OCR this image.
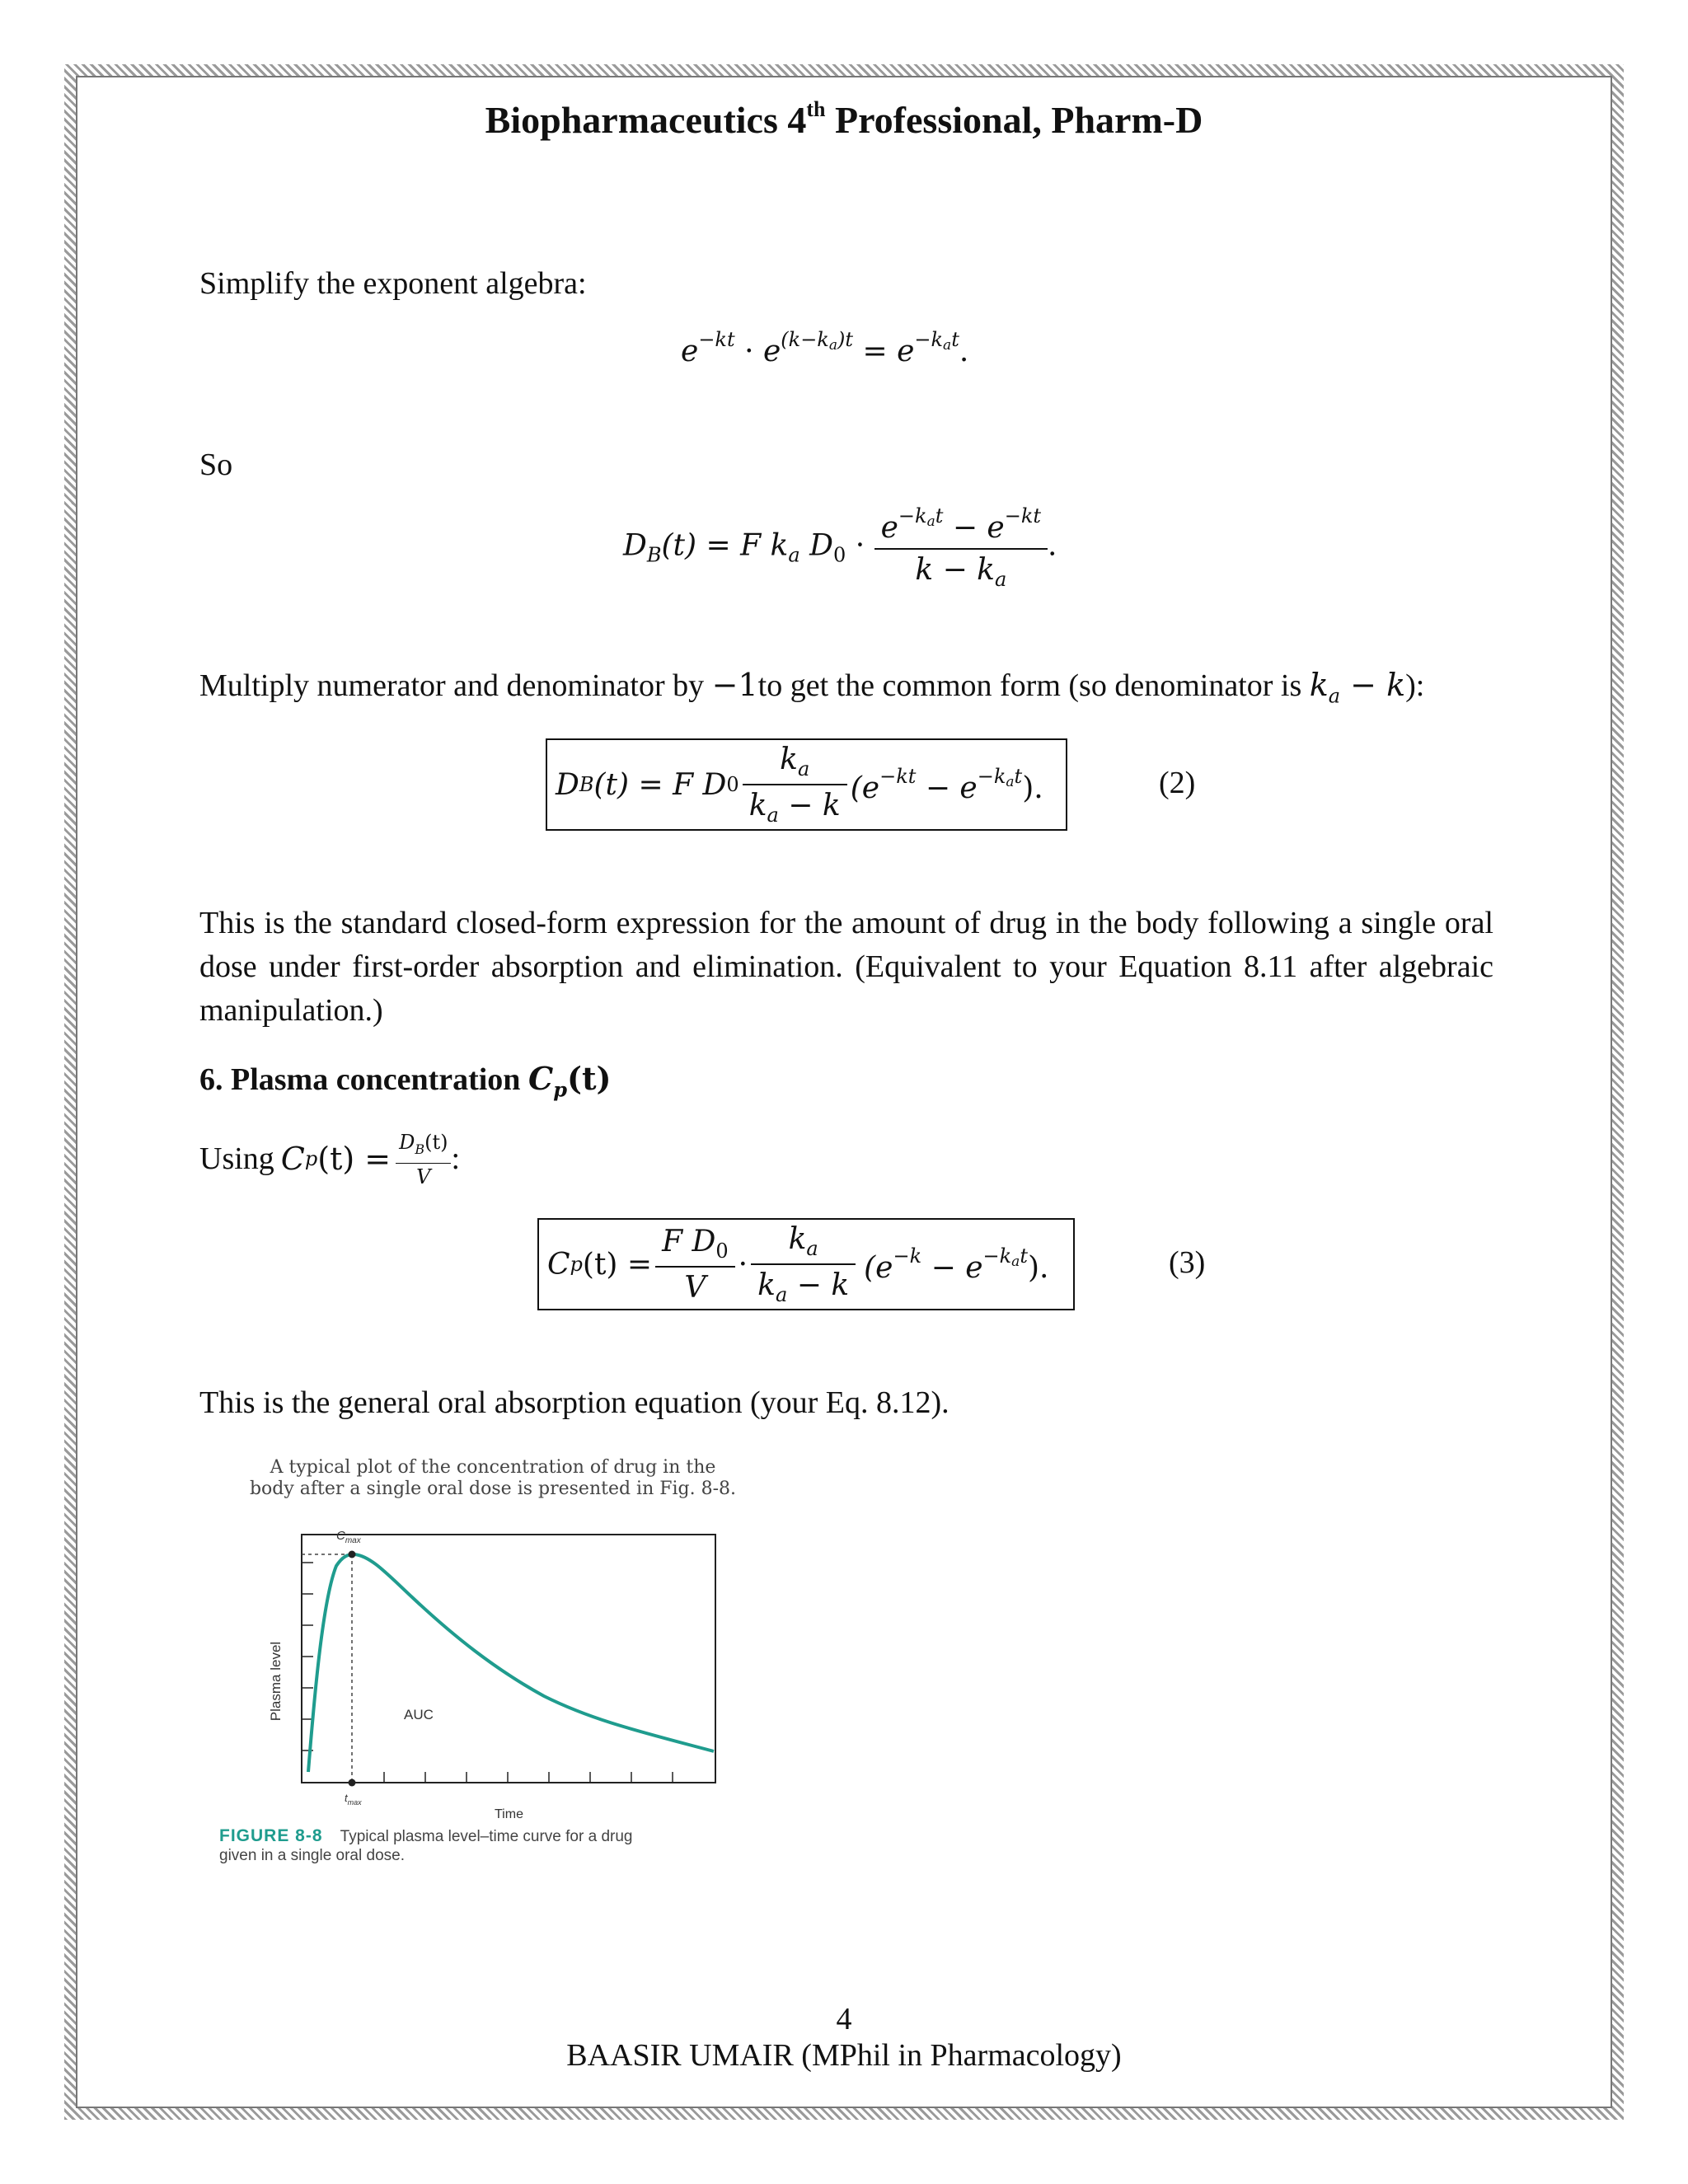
Biopharmaceutics 4th Professional, Pharm-D
Simplify the exponent algebra:
$e^{-kt} \cdot e^{(k-k_a)t} = e^{-k_at}$.
So
$D_B(t) = F$ $k_a$ $D_0 \cdot \frac{e^{-k_at} - e^{-kt}}{k - k_a}$ .
Multiply numerator and denominator by −1to get the common form (so denominator is $k_a - k$):
D B (t) = F D $0 \frac{k_a}{k_a - k} (e^{-kt} - e^{-k_at})$.	(2)
This is the standard closed-form expression for the amount of drug in the body following a single oral dose under first-order absorption and elimination. (Equivalent to your Equation 8.11 after algebraic manipulation.)
6. Plasma concentration $C_p(t)$
Using C p $(t) = \frac{D_B(t)}{V}$ :
C p $(t) = \frac{F D_0}{V} \cdot \frac{k_a}{k_a - k} (e^{-k} - e^{-k_at})$.	(3)
This is the general oral absorption equation (your Eq. 8.12).
A typical plot of the concentration of drug in the
body after a single oral dose is presented in Fig. 8-8.
$C_{max}$
$t_{max}$
AUC
Time
Plasma level
FIGURE 8-8 Typical plasma level–time curve for a drug
given in a single oral dose.
4
BAASIR UMAIR (MPhil in Pharmacology)
